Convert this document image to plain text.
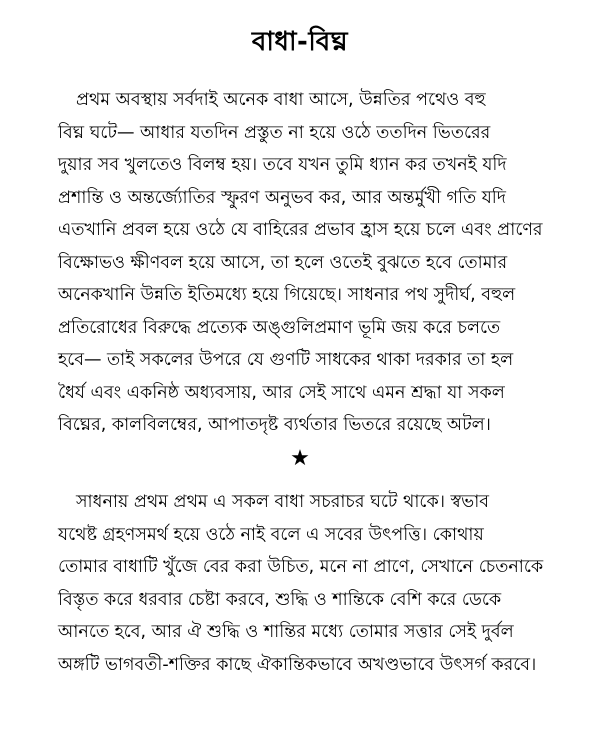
বাধা-বিঘ্ন
প্রথম অবস্থায় সর্বদাই অনেক বাধা আসে, উন্নতির পথেও বহু
বিঘ্ন ঘটে— আধার যতদিন প্রস্তুত না হয়ে ওঠে ততদিন ভিতরের
দুয়ার সব খুলতেও বিলম্ব হয়। তবে যখন তুমি ধ্যান কর তখনই যদি
প্রশান্তি ও অন্তর্জ্যোতির স্ফুরণ অনুভব কর, আর অন্তর্মুখী গতি যদি
এতখানি প্রবল হয়ে ওঠে যে বাহিরের প্রভাব হ্রাস হয়ে চলে এবং প্রাণের
বিক্ষোভও ক্ষীণবল হয়ে আসে, তা হলে ওতেই বুঝতে হবে তোমার
অনেকখানি উন্নতি ইতিমধ্যে হয়ে গিয়েছে। সাধনার পথ সুদীর্ঘ, বহুল
প্রতিরোধের বিরুদ্ধে প্রত্যেক অঙ্গুলিপ্রমাণ ভূমি জয় করে চলতে
হবে— তাই সকলের উপরে যে গুণটি সাধকের থাকা দরকার তা হল
ধৈর্য এবং একনিষ্ঠ অধ্যবসায়, আর সেই সাথে এমন শ্রদ্ধা যা সকল
বিঘ্নের, কালবিলম্বের, আপাতদৃষ্ট ব্যর্থতার ভিতরে রয়েছে অটল।
★
সাধনায় প্রথম প্রথম এ সকল বাধা সচরাচর ঘটে থাকে। স্বভাব
যথেষ্ট গ্রহণসমর্থ হয়ে ওঠে নাই বলে এ সবের উৎপত্তি। কোথায়
তোমার বাধাটি খুঁজে বের করা উচিত, মনে না প্রাণে, সেখানে চেতনাকে
বিস্তৃত করে ধরবার চেষ্টা করবে, শুদ্ধি ও শান্তিকে বেশি করে ডেকে
আনতে হবে, আর ঐ শুদ্ধি ও শান্তির মধ্যে তোমার সত্তার সেই দুর্বল
অঙ্গটি ভাগবতী-শক্তির কাছে ঐকান্তিকভাবে অখণ্ডভাবে উৎসর্গ করবে।
